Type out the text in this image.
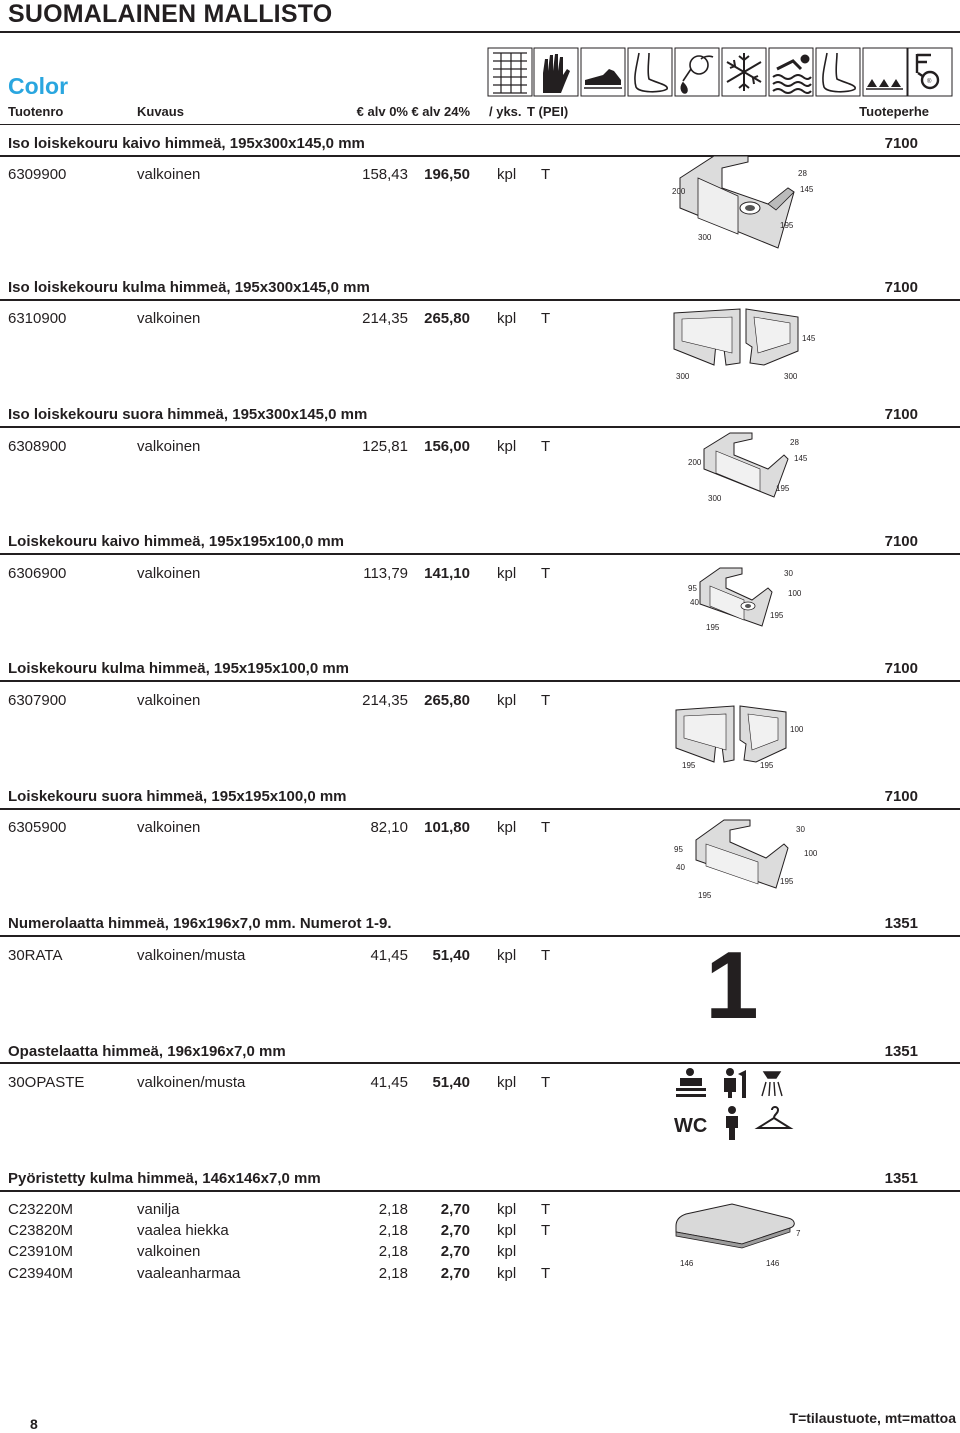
SUOMALAINEN MALLISTO
Color	®
Tuotenro	Kuvaus	€ alv 0% € alv 24% / yks. T (PEI)	Tuoteperhe
Iso loiskekouru kaivo himmeä, 195x300x145,0 mm	7100
6309900	valkoinen	158,43	196,50 kpl T
200
28
145
195
300
Iso loiskekouru kulma himmeä, 195x300x145,0 mm	7100
6310900	valkoinen	214,35	265,80 kpl T
145
300	300
Iso loiskekouru suora himmeä, 195x300x145,0 mm	7100
6308900	valkoinen	125,81	156,00 kpl T
200
28
145
195
300
Loiskekouru kaivo himmeä, 195x195x100,0 mm	7100
6306900	valkoinen	113,79	141,10 kpl T
95
40
30
100
195
195
Loiskekouru kulma himmeä, 195x195x100,0 mm	7100
6307900	valkoinen	214,35	265,80 kpl T
100
195	195
Loiskekouru suora himmeä, 195x195x100,0 mm	7100
6305900	valkoinen	82,10	101,80 kpl T	30
95	100
40
195
195
Numerolaatta himmeä, 196x196x7,0 mm. Numerot 1-9.	1351
30RATA	valkoinen/musta	41,45	51,40 kpl T 1
Opastelaatta himmeä, 196x196x7,0 mm	1351
30OPASTE	valkoinen/musta	41,45	51,40 kpl T
WC
Pyöristetty kulma himmeä, 146x146x7,0 mm	1351
C23220M	vanilja	2,18	2,70 kpl T
C23820M	vaalea hiekka	2,18	2,70 kpl T
C23910M	valkoinen	2,18	2,70 kpl
C23940M	vaaleanharmaa	2,18	2,70 kpl T
7
146	146
8	T=tilaustuote, mt=mattoa
